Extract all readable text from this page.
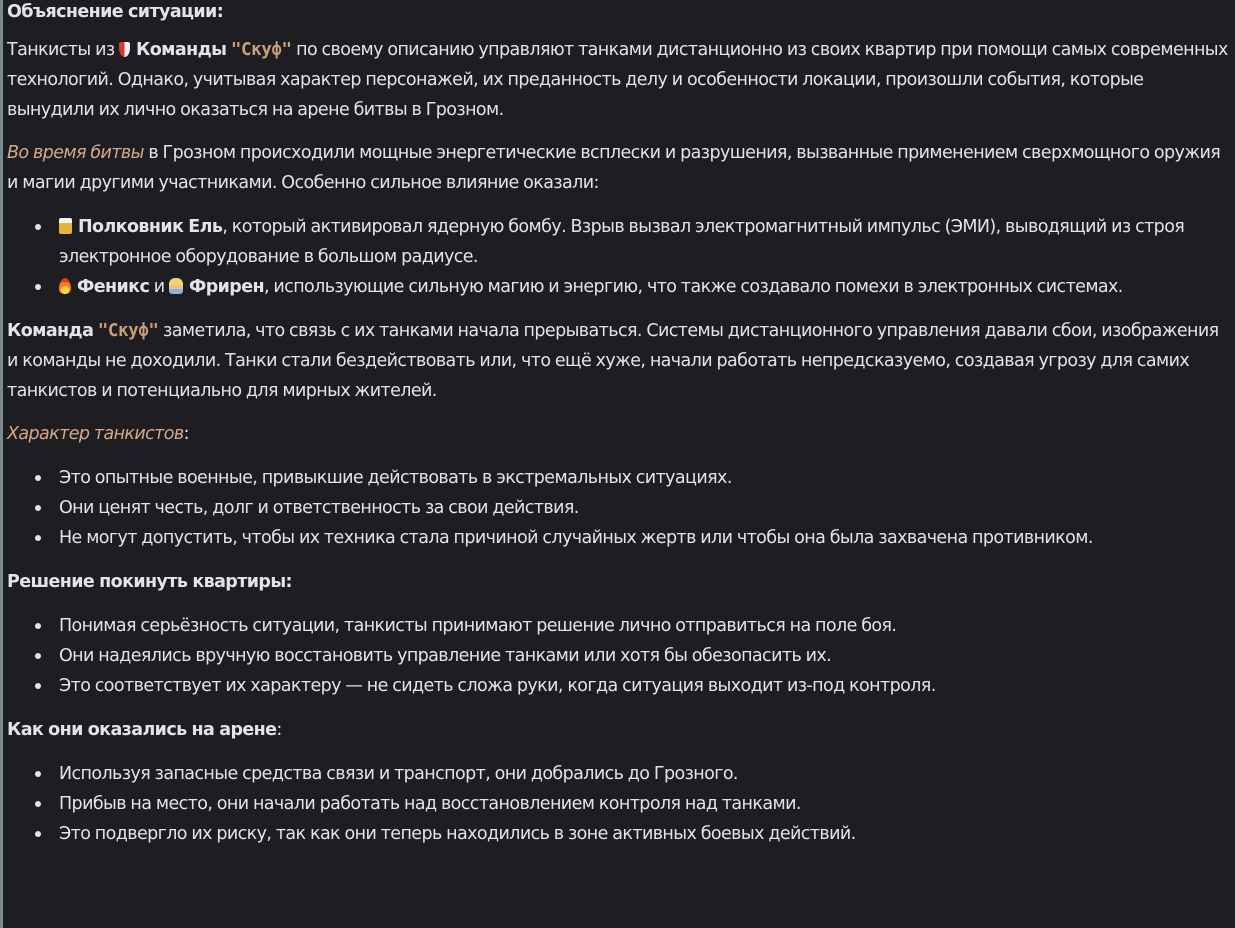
Объяснение ситуации:

Танкисты из Команды "Скуф" по своему описанию управляют танками дистанционно из своих квартир при помощи самых современных технологий. Однако, учитывая характер персонажей, их преданность делу и особенности локации, произошли события, которые вынудили их лично оказаться на арене битвы в Грозном.

Во время битвы в Грозном происходили мощные энергетические всплески и разрушения, вызванные применением сверхмощного оружия и магии другими участниками. Особенно сильное влияние оказали:

Полковник Ель, который активировал ядерную бомбу. Взрыв вызвал электромагнитный импульс (ЭМИ), выводящий из строя электронное оборудование в большом радиусе.
Феникс и Фрирен, использующие сильную магию и энергию, что также создавало помехи в электронных системах.

Команда "Скуф" заметила, что связь с их танками начала прерываться. Системы дистанционного управления давали сбои, изображения и команды не доходили. Танки стали бездействовать или, что ещё хуже, начали работать непредсказуемо, создавая угрозу для самих танкистов и потенциально для мирных жителей.

Характер танкистов:

Это опытные военные, привыкшие действовать в экстремальных ситуациях.
Они ценят честь, долг и ответственность за свои действия.
Не могут допустить, чтобы их техника стала причиной случайных жертв или чтобы она была захвачена противником.
Решение покинуть квартиры:
Понимая серьёзность ситуации, танкисты принимают решение лично отправиться на поле боя.
Они надеялись вручную восстановить управление танками или хотя бы обезопасить их.
Это соответствует их характеру — не сидеть сложа руки, когда ситуация выходит из-под контроля.

Как они оказались на арене:

Используя запасные средства связи и транспорт, они добрались до Грозного.
Прибыв на место, они начали работать над восстановлением контроля над танками.
Это подвергло их риску, так как они теперь находились в зоне активных боевых действий.
